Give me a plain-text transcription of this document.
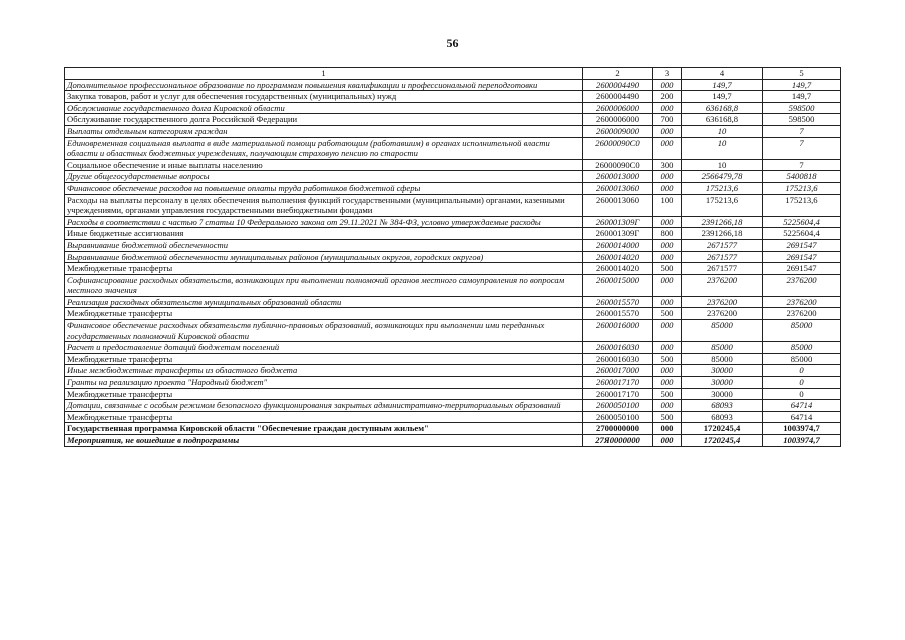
56
1	2	3	4	5
Дополнительное профессиональное образование по программам повышения квалификации и профессиональной переподготовки	2600004490	000	149,7	149,7
Закупка товаров, работ и услуг для обеспечения государственных (муниципальных) нужд	2600004490	200	149,7	149,7
Обслуживание государственного долга Кировской области	2600006000	000	636168,8	598500
Обслуживание государственного долга Российской Федерации	2600006000	700	636168,8	598500
Выплаты отдельным категориям граждан	2600009000	000	10	7
Единовременная социальная выплата в виде материальной помощи работающим (работавшим) в органах исполнительной власти области и областных бюджетных учреждениях, получающим страховую пенсию по старости	26000090С0	000	10	7
Социальное обеспечение и иные выплаты населению	26000090С0	300	10	7
Другие общегосударственные вопросы	2600013000	000	2566479,78	5400818
Финансовое обеспечение расходов на повышение оплаты труда работников бюджетной сферы	2600013060	000	175213,6	175213,6
Расходы на выплаты персоналу в целях обеспечения выполнения функций государственными (муниципальными) органами, казенными учреждениями, органами управления государственными внебюджетными фондами	2600013060	100	175213,6	175213,6
Расходы в соответствии с частью 7 статьи 10 Федерального закона от 29.11.2021 № 384-ФЗ, условно утверждаемые расходы	260001309Г	000	2391266,18	5225604,4
Иные бюджетные ассигнования	260001309Г	800	2391266,18	5225604,4
Выравнивание бюджетной обеспеченности	2600014000	000	2671577	2691547
Выравнивание бюджетной обеспеченности муниципальных районов (муниципальных округов, городских округов)	2600014020	000	2671577	2691547
Межбюджетные трансферты	2600014020	500	2671577	2691547
Софинансирование расходных обязательств, возникающих при выполнении полномочий органов местного самоуправления по вопросам местного значения	2600015000	000	2376200	2376200
Реализация расходных обязательств муниципальных образований области	2600015570	000	2376200	2376200
Межбюджетные трансферты	2600015570	500	2376200	2376200
Финансовое обеспечение расходных обязательств публично-правовых образований, возникающих при выполнении ими переданных государственных полномочий Кировской области	2600016000	000	85000	85000
Расчет и предоставление дотаций бюджетам поселений	2600016030	000	85000	85000
Межбюджетные трансферты	2600016030	500	85000	85000
Иные межбюджетные трансферты из областного бюджета	2600017000	000	30000	0
Гранты на реализацию проекта "Народный бюджет"	2600017170	000	30000	0
Межбюджетные трансферты	2600017170	500	30000	0
Дотации, связанные с особым режимом безопасного функционирования закрытых административно-территориальных образований	2600050100	000	68093	64714
Межбюджетные трансферты	2600050100	500	68093	64714
Государственная программа Кировской области "Обеспечение граждан доступным жильем"	2700000000	000	1720245,4	1003974,7
Мероприятия, не вошедшие в подпрограммы	27Я0000000	000	1720245,4	1003974,7
